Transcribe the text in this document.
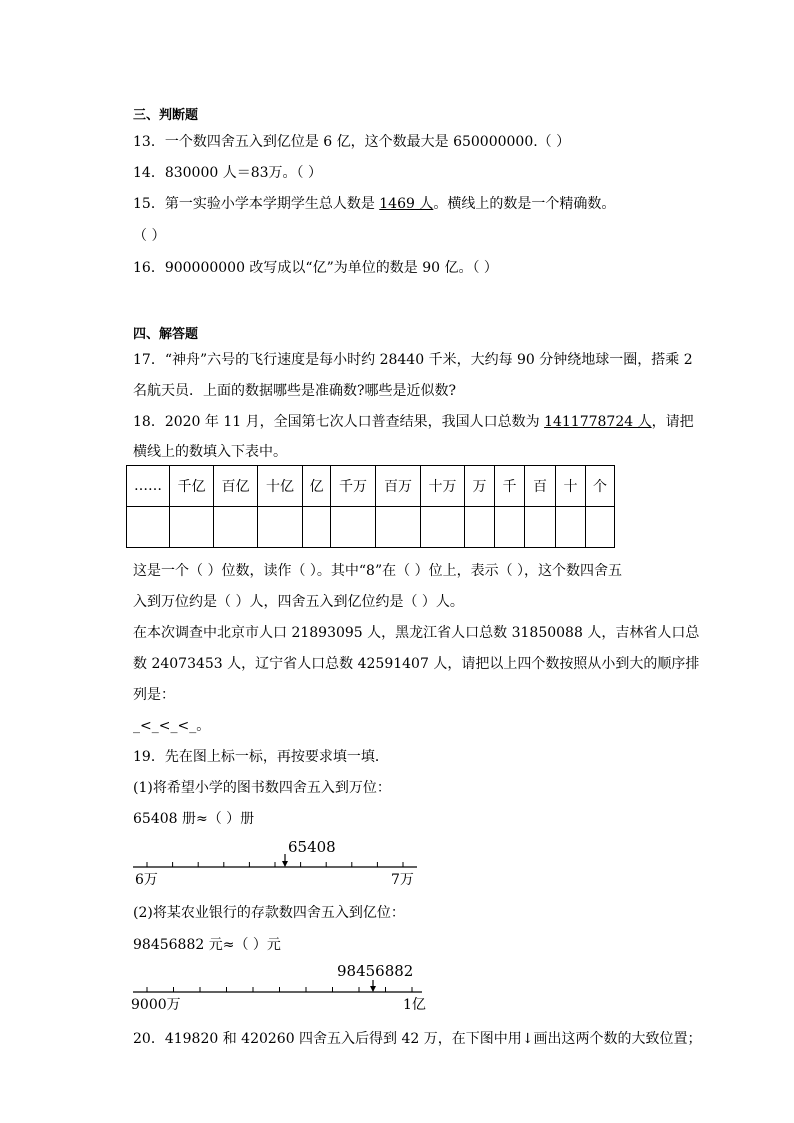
三、判断题
13．一个数四舍五入到亿位是 6 亿，这个数最大是 650000000.（ ）
14．830000 人＝83万。（ ）
15．第一实验小学本学期学生总人数是 1469 人。横线上的数是一个精确数。
（ ）
16．900000000 改写成以“亿”为单位的数是 90 亿。（ ）
四、解答题
17．“神舟”六号的飞行速度是每小时约 28440 千米，大约每 90 分钟绕地球一圈，搭乘 2
名航天员．上面的数据哪些是准确数?哪些是近似数?
18．2020 年 11 月，全国第七次人口普查结果，我国人口总数为 1411778724 人，请把
横线上的数填入下表中。
……	千亿	百亿	十亿	亿	千万	百万	十万	万	千	百	十	个

这是一个（ ）位数，读作（ ）。其中“8”在（ ）位上，表示（ ），这个数四舍五
入到万位约是（ ）人，四舍五入到亿位约是（ ）人。
在本次调查中北京市人口 21893095 人，黑龙江省人口总数 31850088 人，吉林省人口总
数 24073453 人，辽宁省人口总数 42591407 人，请把以上四个数按照从小到大的顺序排
列是：
_<_<_<_。
19．先在图上标一标，再按要求填一填．
(1)将希望小学的图书数四舍五入到万位：
65408 册≈（ ）册
65408
6万	7万
(2)将某农业银行的存款数四舍五入到亿位：
98456882 元≈（ ）元
98456882
9000万	1亿
20．419820 和 420260 四舍五入后得到 42 万，在下图中用↓画出这两个数的大致位置；
